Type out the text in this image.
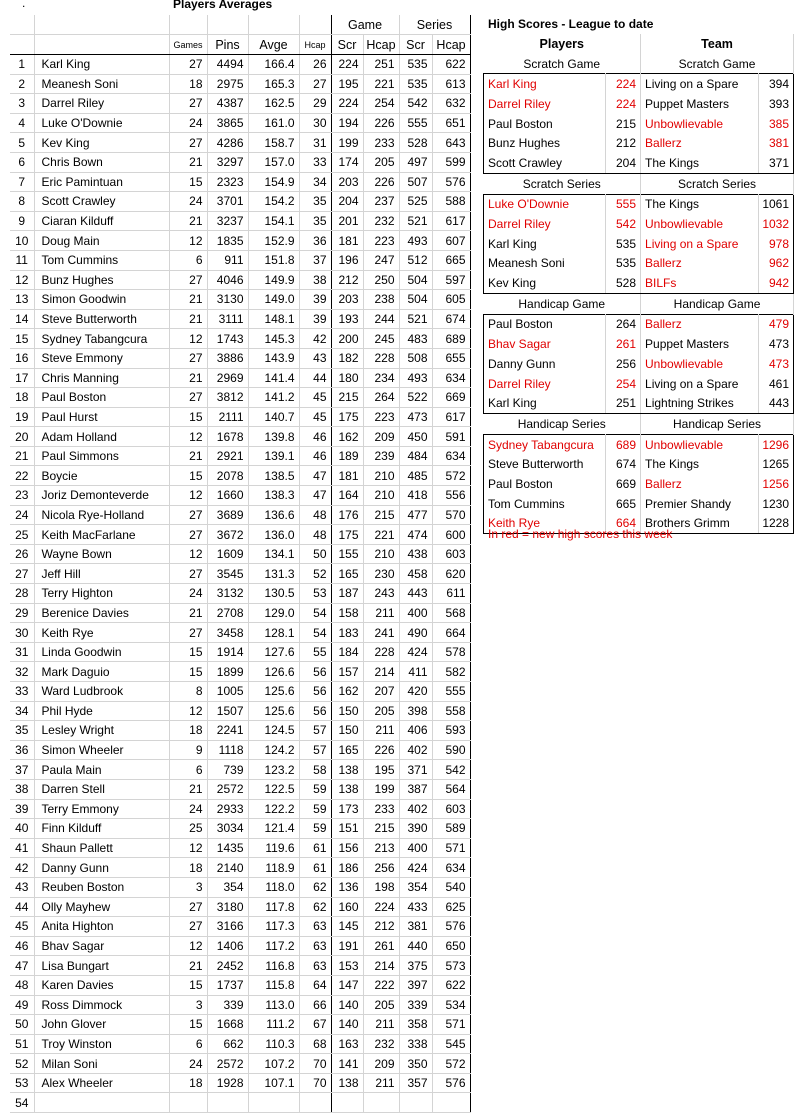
.	Players Averages
High Scores - League to date
						Game		Series	
		Games	Pins	Avge	Hcap	Scr	Hcap	Scr	Hcap
1	Karl King	27	4494	166.4	26	224	251	535	622
2	Meanesh Soni	18	2975	165.3	27	195	221	535	613
3	Darrel Riley	27	4387	162.5	29	224	254	542	632
4	Luke O'Downie	24	3865	161.0	30	194	226	555	651
5	Kev King	27	4286	158.7	31	199	233	528	643
6	Chris Bown	21	3297	157.0	33	174	205	497	599
7	Eric Pamintuan	15	2323	154.9	34	203	226	507	576
8	Scott Crawley	24	3701	154.2	35	204	237	525	588
9	Ciaran Kilduff	21	3237	154.1	35	201	232	521	617
10	Doug Main	12	1835	152.9	36	181	223	493	607
11	Tom Cummins	6	911	151.8	37	196	247	512	665
12	Bunz Hughes	27	4046	149.9	38	212	250	504	597
13	Simon Goodwin	21	3130	149.0	39	203	238	504	605
14	Steve Butterworth	21	3111	148.1	39	193	244	521	674
15	Sydney Tabangcura	12	1743	145.3	42	200	245	483	689
16	Steve Emmony	27	3886	143.9	43	182	228	508	655
17	Chris Manning	21	2969	141.4	44	180	234	493	634
18	Paul Boston	27	3812	141.2	45	215	264	522	669
19	Paul Hurst	15	2111	140.7	45	175	223	473	617
20	Adam Holland	12	1678	139.8	46	162	209	450	591
21	Paul Simmons	21	2921	139.1	46	189	239	484	634
22	Boycie	15	2078	138.5	47	181	210	485	572
23	Joriz Demonteverde	12	1660	138.3	47	164	210	418	556
24	Nicola Rye-Holland	27	3689	136.6	48	176	215	477	570
25	Keith MacFarlane	27	3672	136.0	48	175	221	474	600
26	Wayne Bown	12	1609	134.1	50	155	210	438	603
27	Jeff Hill	27	3545	131.3	52	165	230	458	620
28	Terry Highton	24	3132	130.5	53	187	243	443	611
29	Berenice Davies	21	2708	129.0	54	158	211	400	568
30	Keith Rye	27	3458	128.1	54	183	241	490	664
31	Linda Goodwin	15	1914	127.6	55	184	228	424	578
32	Mark Daguio	15	1899	126.6	56	157	214	411	582
33	Ward Ludbrook	8	1005	125.6	56	162	207	420	555
34	Phil Hyde	12	1507	125.6	56	150	205	398	558
35	Lesley Wright	18	2241	124.5	57	150	211	406	593
36	Simon Wheeler	9	1118	124.2	57	165	226	402	590
37	Paula Main	6	739	123.2	58	138	195	371	542
38	Darren Stell	21	2572	122.5	59	138	199	387	564
39	Terry Emmony	24	2933	122.2	59	173	233	402	603
40	Finn Kilduff	25	3034	121.4	59	151	215	390	589
41	Shaun Pallett	12	1435	119.6	61	156	213	400	571
42	Danny Gunn	18	2140	118.9	61	186	256	424	634
43	Reuben Boston	3	354	118.0	62	136	198	354	540
44	Olly Mayhew	27	3180	117.8	62	160	224	433	625
45	Anita Highton	27	3166	117.3	63	145	212	381	576
46	Bhav Sagar	12	1406	117.2	63	191	261	440	650
47	Lisa Bungart	21	2452	116.8	63	153	214	375	573
48	Karen Davies	15	1737	115.8	64	147	222	397	622
49	Ross Dimmock	3	339	113.0	66	140	205	339	534
50	John Glover	15	1668	111.2	67	140	211	358	571
51	Troy Winston	6	662	110.3	68	163	232	338	545
52	Milan Soni	24	2572	107.2	70	141	209	350	572
53	Alex Wheeler	18	1928	107.1	70	138	211	357	576
54									
Players		Team	
Scratch Game		Scratch Game	
Karl King	224	Living on a Spare	394
Darrel Riley	224	Puppet Masters	393
Paul Boston	215	Unbowlievable	385
Bunz Hughes	212	Ballerz	381
Scott Crawley	204	The Kings	371
Scratch Series		Scratch Series	
Luke O'Downie	555	The Kings	1061
Darrel Riley	542	Unbowlievable	1032
Karl King	535	Living on a Spare	978
Meanesh Soni	535	Ballerz	962
Kev King	528	BILFs	942
Handicap Game		Handicap Game	
Paul Boston	264	Ballerz	479
Bhav Sagar	261	Puppet Masters	473
Danny Gunn	256	Unbowlievable	473
Darrel Riley	254	Living on a Spare	461
Karl King	251	Lightning Strikes	443
Handicap Series		Handicap Series	
Sydney Tabangcura	689	Unbowlievable	1296
Steve Butterworth	674	The Kings	1265
Paul Boston	669	Ballerz	1256
Tom Cummins	665	Premier Shandy	1230
Keith Rye	664	Brothers Grimm	1228
In red = new high scores this week
